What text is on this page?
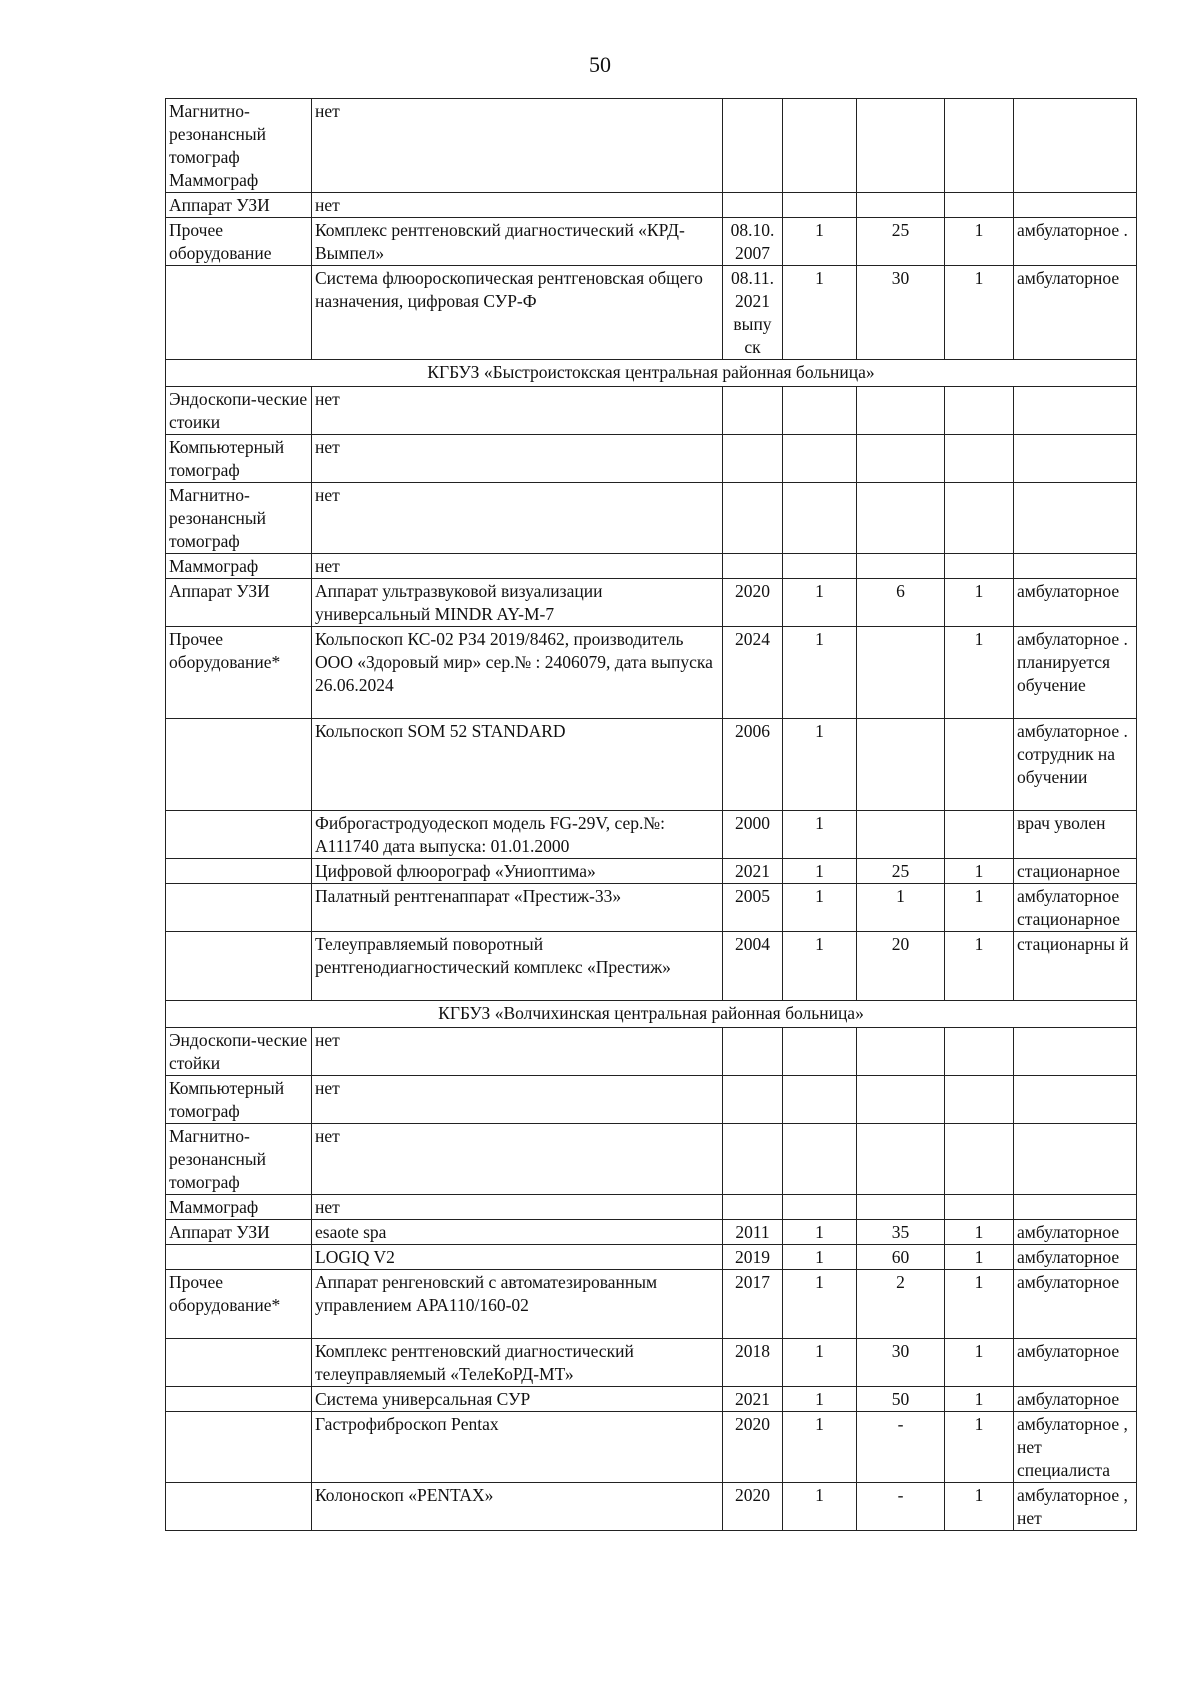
50
Магнитно-резонансный томограф Маммограф	нет					
Аппарат УЗИ	нет					
Прочее оборудование	Комплекс рентгеновский диагностический «КРД-Вымпел»	08.10. 2007	1	25	1	амбулаторное .
	Система флюороскопическая рентгеновская общего назначения, цифровая СУР-Ф	08.11. 2021 выпу ск	1	30	1	амбулаторное
КГБУЗ «Быстроистокская центральная районная больница»						
Эндоскопи-ческие стоики	нет					
Компьютерный томограф	нет					
Магнитно-резонансный томограф	нет					
Маммограф	нет					
Аппарат УЗИ	Аппарат ультразвуковой визуализации универсальный MINDR AY-M-7	2020	1	6	1	амбулаторное
Прочее оборудование*	Кольпоскоп КС-02 РЗ4 2019/8462, производитель ООО «Здоровый мир» сер.№ : 2406079, дата выпуска 26.06.2024	2024	1		1	амбулаторное . планируется обучение
	Кольпоскоп SOM 52 STANDARD	2006	1			амбулаторное . сотрудник на обучении
	Фиброгастродуодескоп модель FG-29V, сер.№: А111740 дата выпуска: 01.01.2000	2000	1			врач уволен
	Цифровой флюорограф «Униоптима»	2021	1	25	1	стационарное
	Палатный рентгенаппарат «Престиж-33»	2005	1	1	1	амбулаторное стационарное
	Телеуправляемый поворотный рентгенодиагностический комплекс «Престиж»	2004	1	20	1	стационарны й
КГБУЗ «Волчихинская центральная районная больница»						
Эндоскопи-ческие стойки	нет					
Компьютерный томограф	нет					
Магнитно-резонансный томограф	нет					
Маммограф	нет					
Аппарат УЗИ	esaote spa	2011	1	35	1	амбулаторное
	LOGIQ V2	2019	1	60	1	амбулаторное
Прочее оборудование*	Аппарат ренгеновский с автоматезированным управлением АРА110/160-02	2017	1	2	1	амбулаторное
	Комплекс рентгеновский диагностический телеуправляемый «ТелеКоРД-МТ»	2018	1	30	1	амбулаторное
	Система универсальная СУР	2021	1	50	1	амбулаторное
	Гастрофиброскоп Pentax	2020	1	-	1	амбулаторное , нет специалиста
	Колоноскоп «PENTAX»	2020	1	-	1	амбулаторное , нет
